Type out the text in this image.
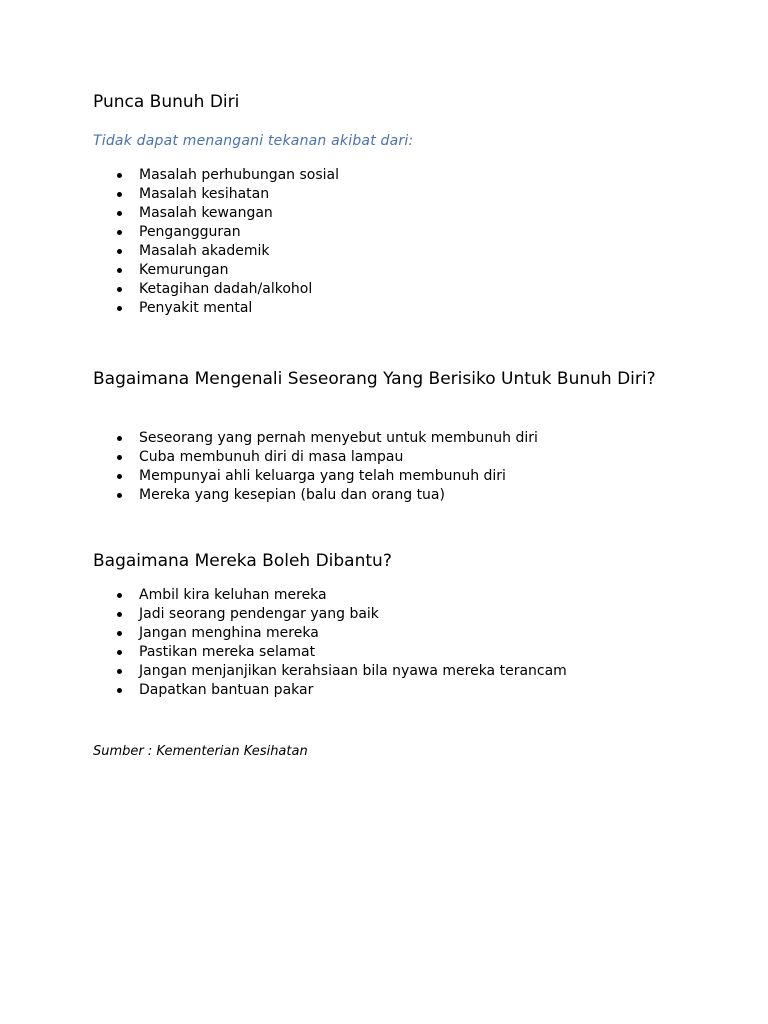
Punca Bunuh Diri

Tidak dapat menangani tekanan akibat dari:

Masalah perhubungan sosial
Masalah kesihatan
Masalah kewangan
Pengangguran
Masalah akademik
Kemurungan
Ketagihan dadah/alkohol
Penyakit mental
Bagaimana Mengenali Seseorang Yang Berisiko Untuk Bunuh Diri?
Seseorang yang pernah menyebut untuk membunuh diri
Cuba membunuh diri di masa lampau
Mempunyai ahli keluarga yang telah membunuh diri
Mereka yang kesepian (balu dan orang tua)
Bagaimana Mereka Boleh Dibantu?
Ambil kira keluhan mereka
Jadi seorang pendengar yang baik
Jangan menghina mereka
Pastikan mereka selamat
Jangan menjanjikan kerahsiaan bila nyawa mereka terancam
Dapatkan bantuan pakar

Sumber : Kementerian Kesihatan
